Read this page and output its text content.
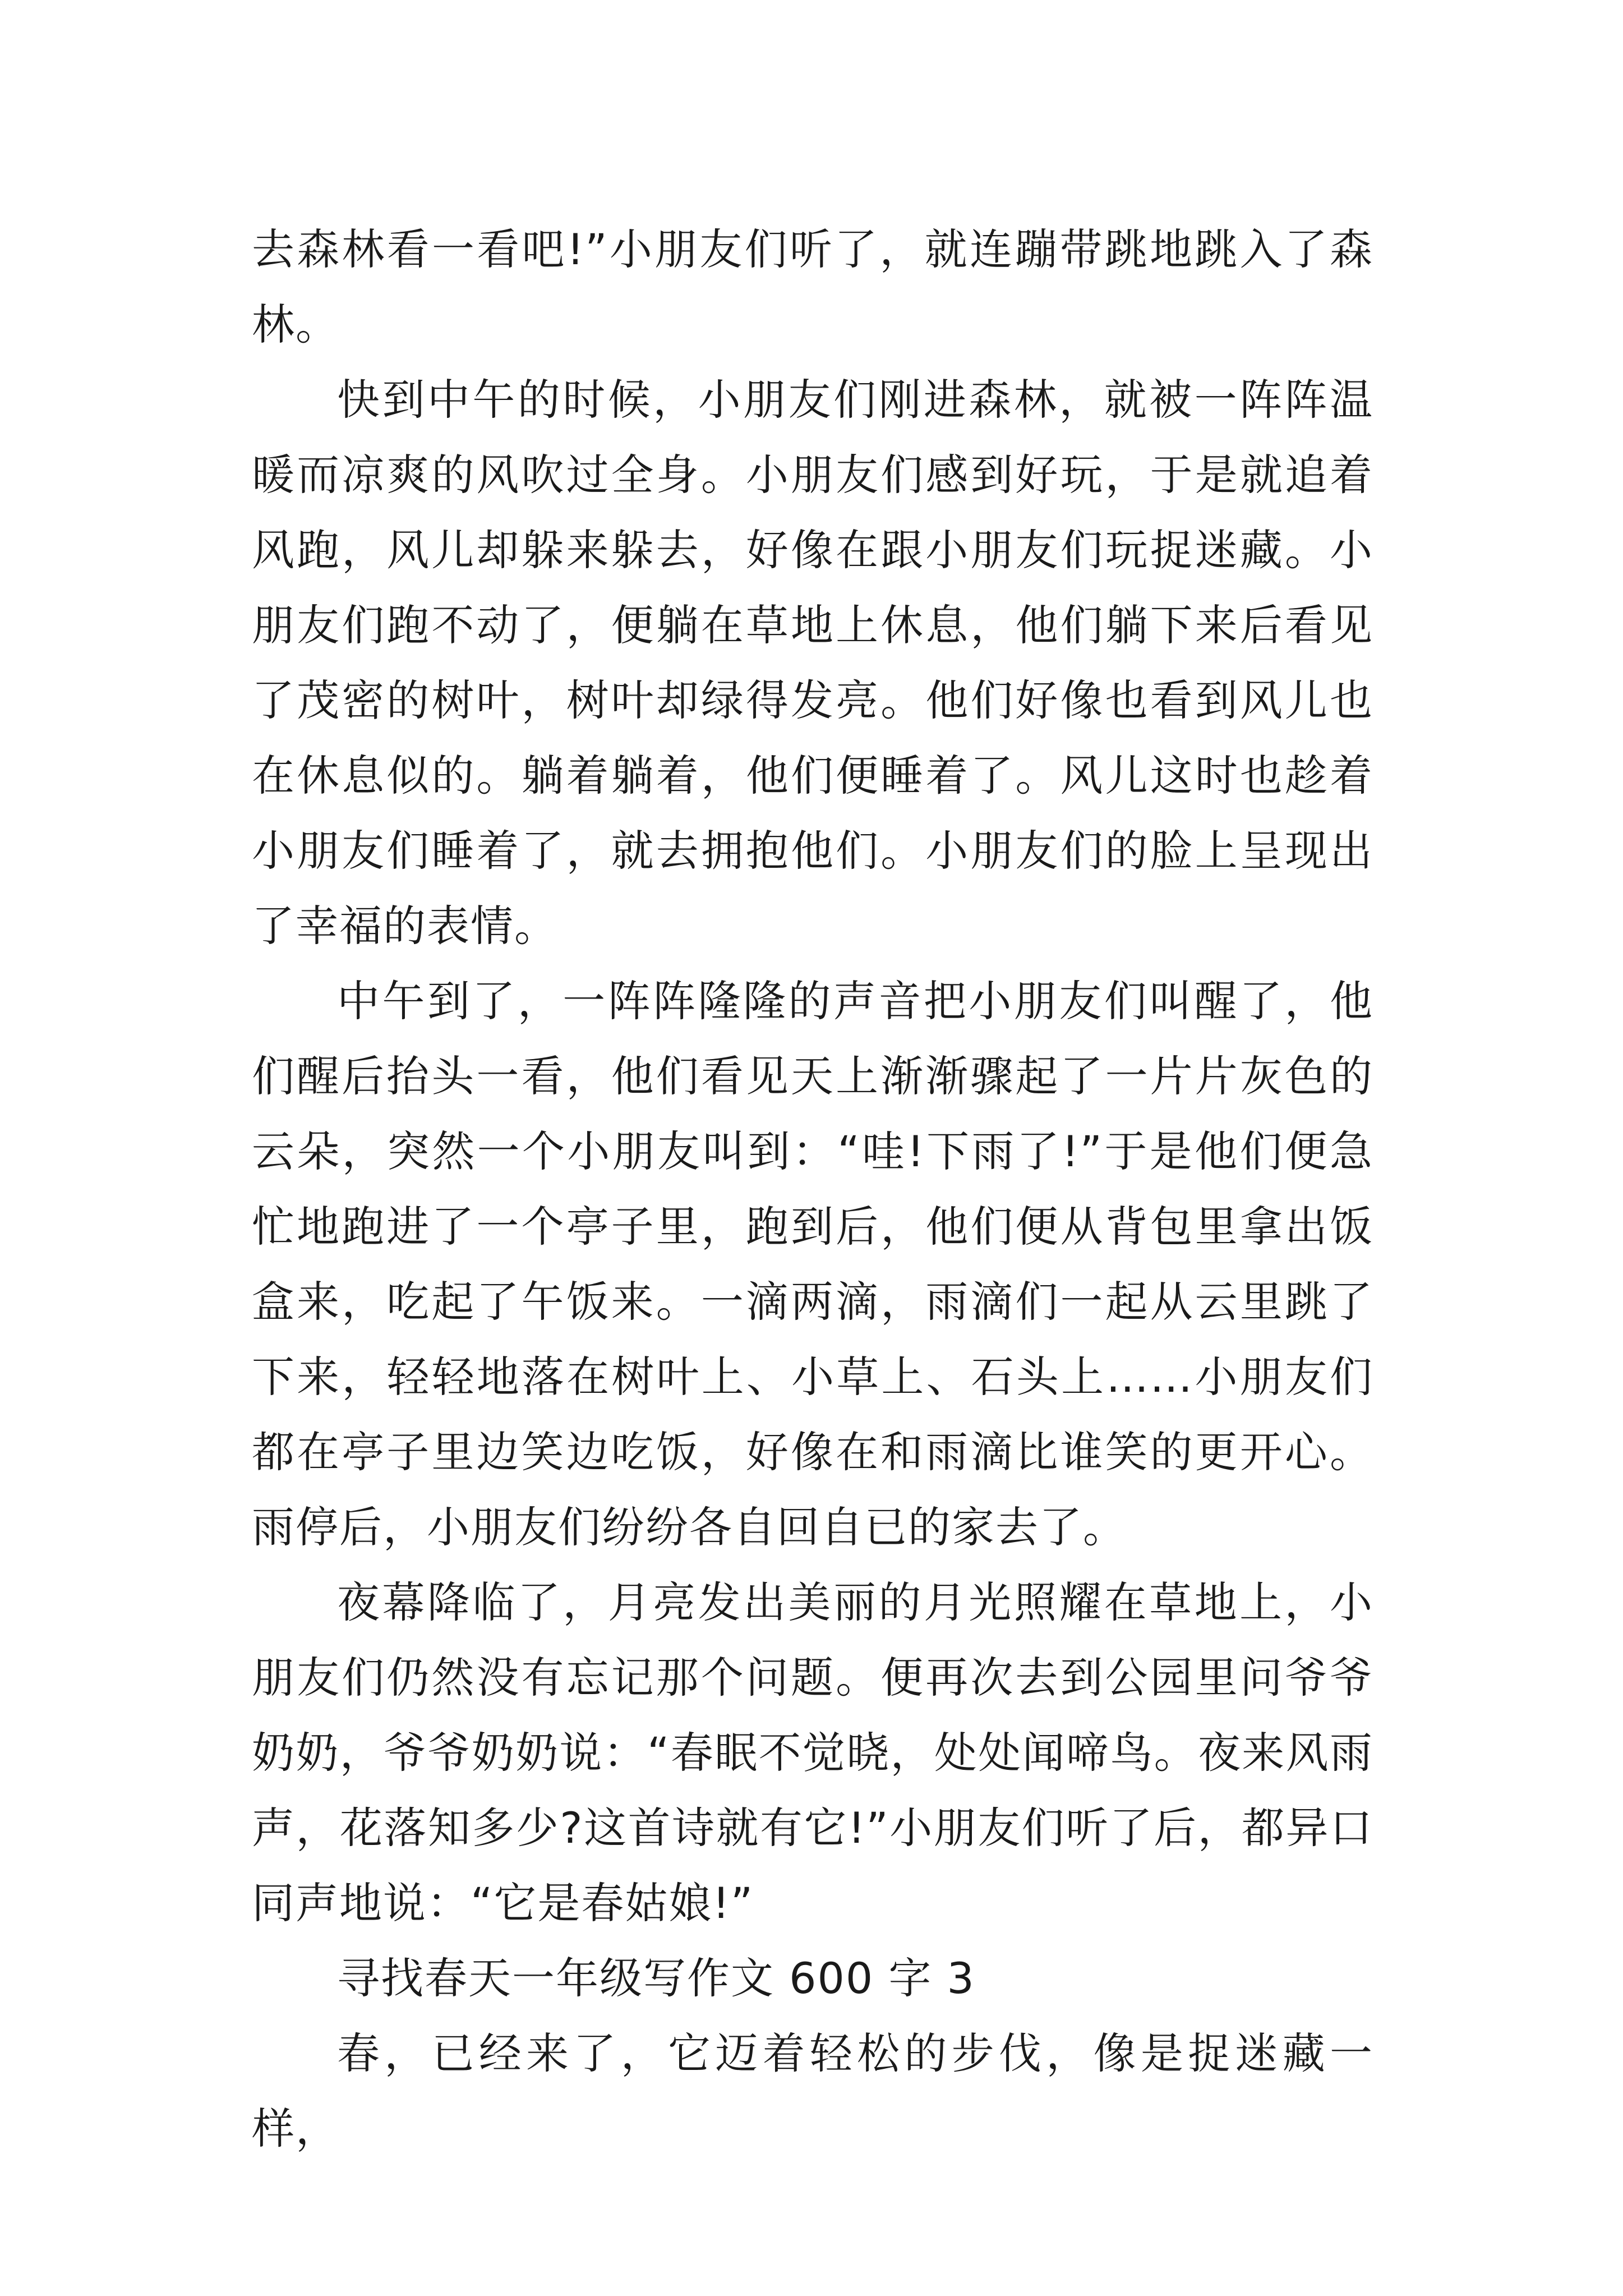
去森林看一看吧!”小朋友们听了，就连蹦带跳地跳入了森林。

快到中午的时候，小朋友们刚进森林，就被一阵阵温暖而凉爽的风吹过全身。小朋友们感到好玩，于是就追着风跑，风儿却躲来躲去，好像在跟小朋友们玩捉迷藏。小朋友们跑不动了，便躺在草地上休息，他们躺下来后看见了茂密的树叶，树叶却绿得发亮。他们好像也看到风儿也在休息似的。躺着躺着，他们便睡着了。风儿这时也趁着小朋友们睡着了，就去拥抱他们。小朋友们的脸上呈现出了幸福的表情。

中午到了，一阵阵隆隆的声音把小朋友们叫醒了，他们醒后抬头一看，他们看见天上渐渐骤起了一片片灰色的云朵，突然一个小朋友叫到：“哇!下雨了!”于是他们便急忙地跑进了一个亭子里，跑到后，他们便从背包里拿出饭盒来，吃起了午饭来。一滴两滴，雨滴们一起从云里跳了下来，轻轻地落在树叶上、小草上、石头上……小朋友们都在亭子里边笑边吃饭，好像在和雨滴比谁笑的更开心。雨停后，小朋友们纷纷各自回自已的家去了。

夜幕降临了，月亮发出美丽的月光照耀在草地上，小朋友们仍然没有忘记那个问题。便再次去到公园里问爷爷奶奶，爷爷奶奶说：“春眠不觉晓，处处闻啼鸟。夜来风雨声，花落知多少?这首诗就有它!”小朋友们听了后，都异口同声地说：“它是春姑娘!”

寻找春天一年级写作文 600 字 3

春，已经来了，它迈着轻松的步伐，像是捉迷藏一样，
